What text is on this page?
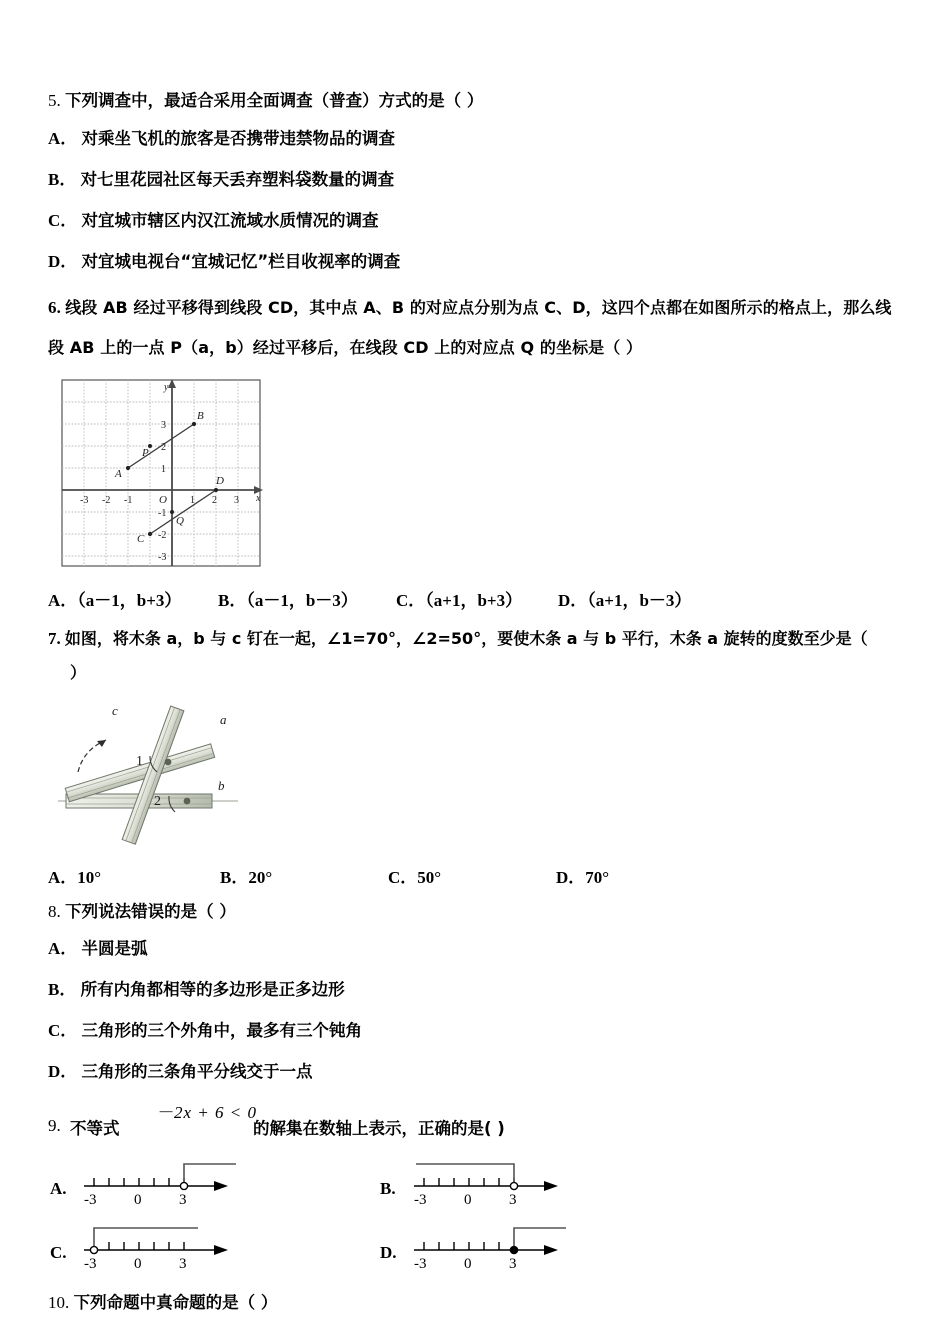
5. 下列调查中，最适合采用全面调查（普查）方式的是（ ）
A． 对乘坐飞机的旅客是否携带违禁物品的调查
B． 对七里花园社区每天丢弃塑料袋数量的调查
C． 对宜城市辖区内汉江流域水质情况的调查
D． 对宜城电视台“宜城记忆”栏目收视率的调查
6. 线段 AB 经过平移得到线段 CD，其中点 A、B 的对应点分别为点 C、D，这四个点都在如图所示的格点上，那么线
段 AB 上的一点 P（a，b）经过平移后，在线段 CD 上的对应点 Q 的坐标是（ ）
A
B
P
C
D
Q
y
x
O
-3 -2 -1	1 2 3
3
2
1
-1
-2
-3
A．（a－1，b+3） B．（a－1，b－3） C．（a+1，b+3） D．（a+1，b－3）
7. 如图，将木条 a，b 与 c 钉在一起，∠1=70°，∠2=50°，要使木条 a 与 b 平行，木条 a 旋转的度数至少是（
）
1
2
a
b
c
A．10°	B．20°	C．50°	D．70°
8. 下列说法错误的是（ ）
A． 半圆是弧
B． 所有内角都相等的多边形是正多边形
C． 三角形的三个外角中，最多有三个钝角
D． 三角形的三条角平分线交于一点
9. 不等式
－2x + 6 < 0
的解集在数轴上表示，正确的是( )
A.
-3	0	3
B.
-3	0	3
C.
-3	0	3
D.
-3	0	3
10. 下列命题中真命题的是（ ）
